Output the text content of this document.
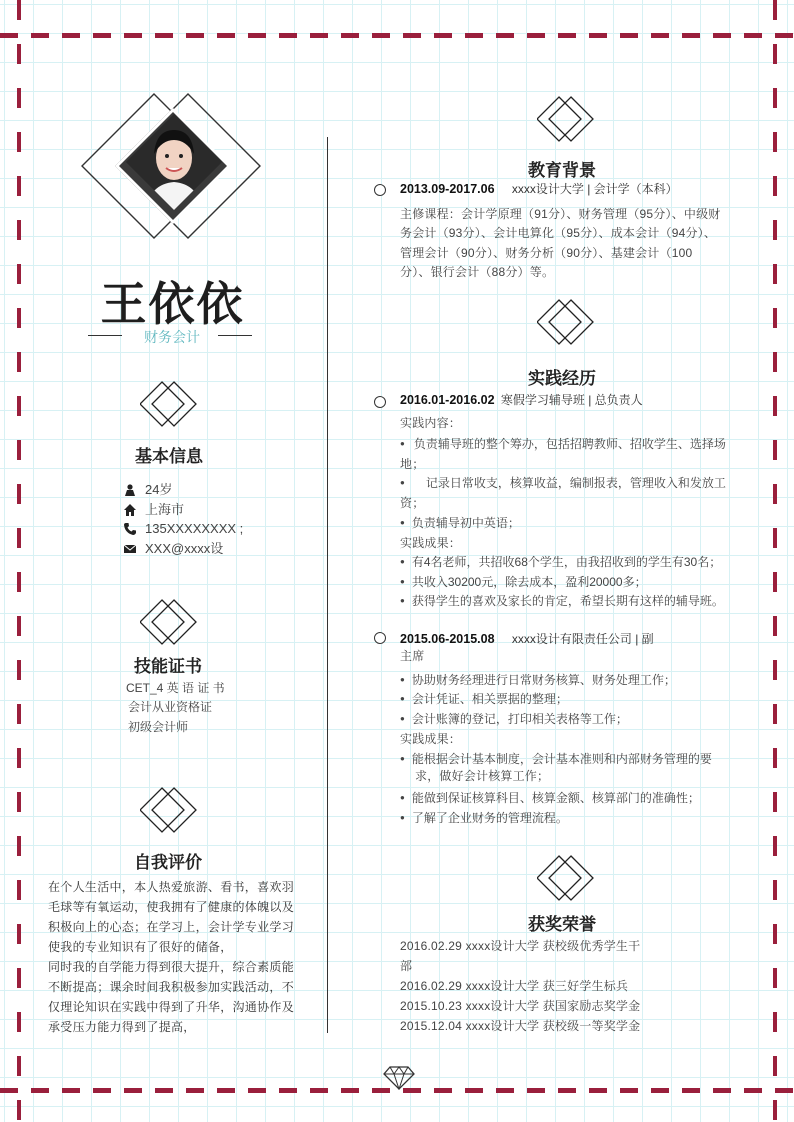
王依依
财务会计
基本信息
24岁
上海市
135XXXXXXXX ;
XXX@xxxx设
技能证书
CET_4 英 语 证 书
会计从业资格证
初级会计师
自我评价
在个人生活中，本人热爱旅游、看书，喜欢羽
毛球等有氧运动，使我拥有了健康的体魄以及
积极向上的心态；在学习上，会计学专业学习
使我的专业知识有了很好的储备，
同时我的自学能力得到很大提升，综合素质能
不断提高；课余时间我积极参加实践活动，不
仅理论知识在实践中得到了升华，沟通协作及
承受压力能力得到了提高，
教育背景
2013.09-2017.06 xxxx设计大学 | 会计学（本科）
主修课程：会计学原理（91分）、财务管理（95分）、中级财
务会计（93分）、会计电算化（95分）、成本会计（94分）、
管理会计（90分）、财务分析（90分）、基建会计（100
分）、银行会计（88分）等。
实践经历
2016.01-2016.02 寒假学习辅导班 | 总负责人
实践内容：
● 负责辅导班的整个筹办，包括招聘教师、招收学生、选择场
地；
● 记录日常收支，核算收益，编制报表，管理收入和发放工
资；
● 负责辅导初中英语；
实践成果：
● 有4名老师，共招收68个学生，由我招收到的学生有30名；
● 共收入30200元，除去成本，盈利20000多；
● 获得学生的喜欢及家长的肯定，希望长期有这样的辅导班。
2015.06-2015.08 xxxx设计有限责任公司 | 副
主席
● 协助财务经理进行日常财务核算、财务处理工作；
● 会计凭证、相关票据的整理；
● 会计账簿的登记，打印相关表格等工作；
实践成果：
● 能根据会计基本制度，会计基本准则和内部财务管理的要
求，做好会计核算工作；
● 能做到保证核算科目、核算金额、核算部门的准确性；
● 了解了企业财务的管理流程。
获奖荣誉
2016.02.29 xxxx设计大学 获校级优秀学生干
部
2016.02.29 xxxx设计大学 获三好学生标兵
2015.10.23 xxxx设计大学 获国家励志奖学金
2015.12.04 xxxx设计大学 获校级一等奖学金
